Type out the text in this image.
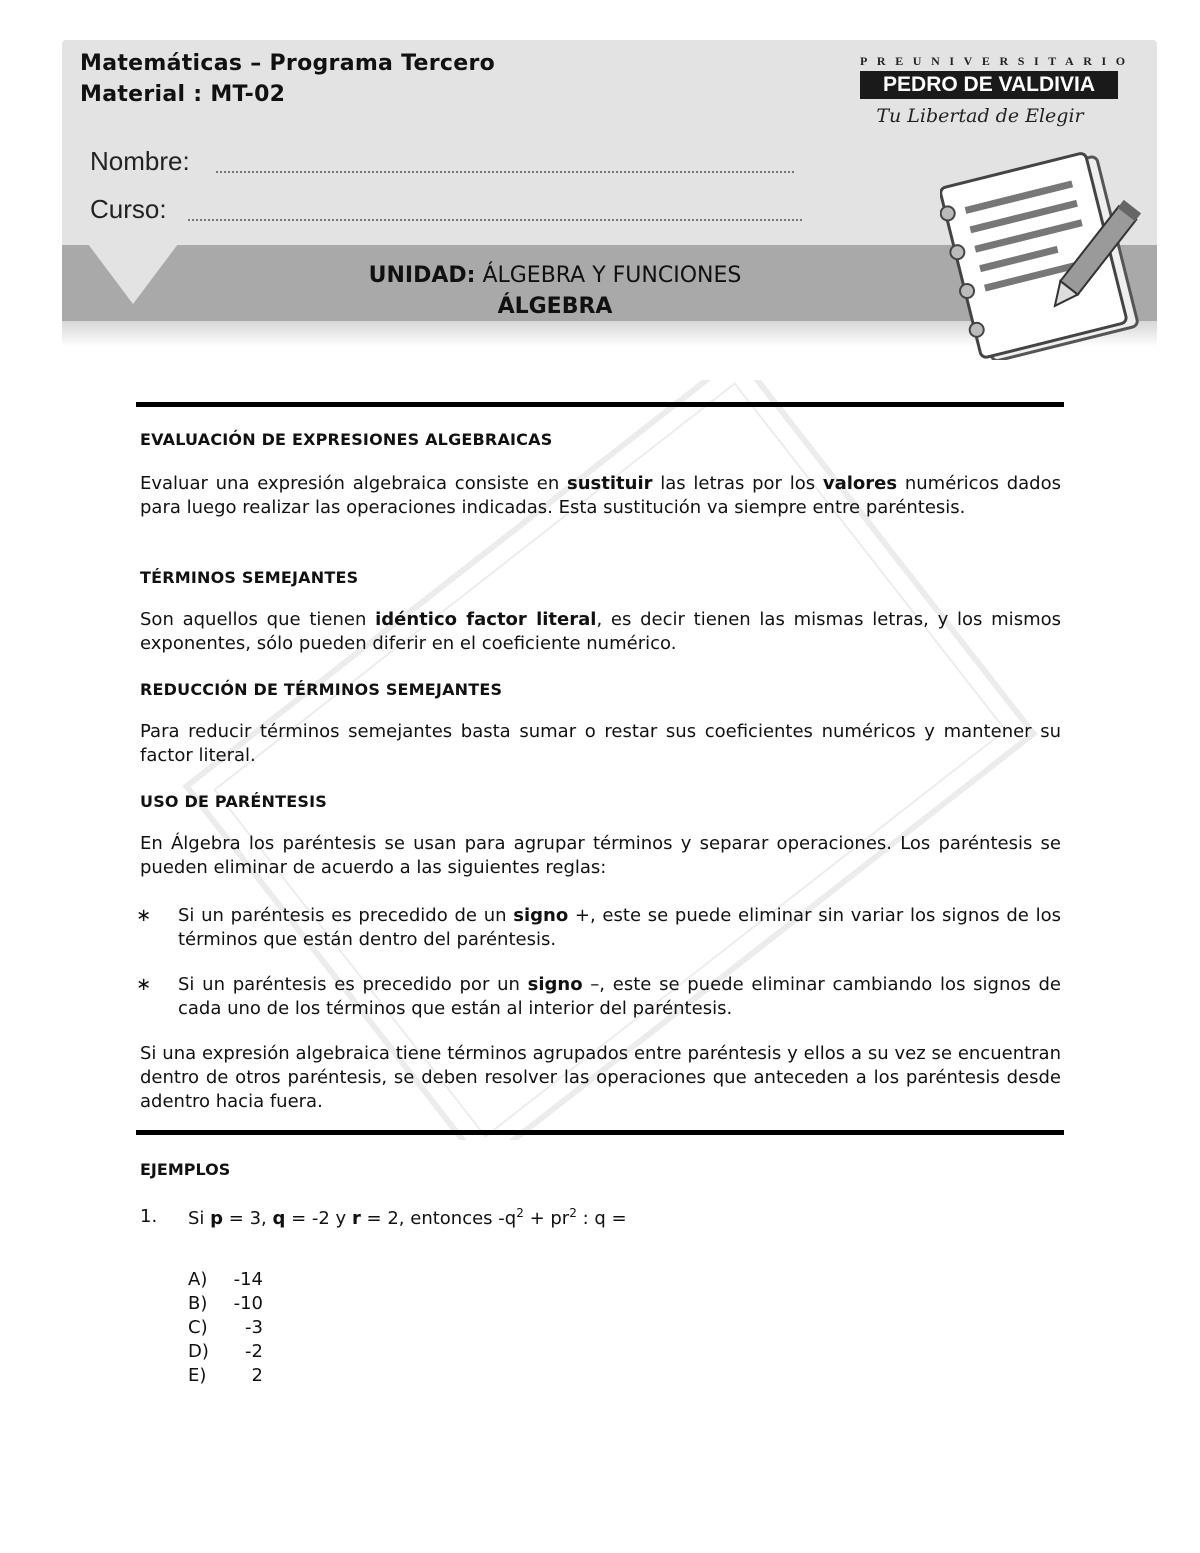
Matemáticas – Programa Tercero
Material : MT-02
Nombre:
Curso:
UNIDAD: ÁLGEBRA Y FUNCIONES
ÁLGEBRA
PREUNIVERSITARIO
PEDRO DE VALDIVIA
Tu Libertad de Elegir
EVALUACIÓN DE EXPRESIONES ALGEBRAICAS

Evaluar una expresión algebraica consiste en sustituir las letras por los valores numéricos dados para luego realizar las operaciones indicadas. Esta sustitución va siempre entre paréntesis.

TÉRMINOS SEMEJANTES

Son aquellos que tienen idéntico factor literal, es decir tienen las mismas letras, y los mismos exponentes, sólo pueden diferir en el coeficiente numérico.

REDUCCIÓN DE TÉRMINOS SEMEJANTES

Para reducir términos semejantes basta sumar o restar sus coeficientes numéricos y mantener su factor literal.

USO DE PARÉNTESIS

En Álgebra los paréntesis se usan para agrupar términos y separar operaciones. Los paréntesis se pueden eliminar de acuerdo a las siguientes reglas:

∗ Si un paréntesis es precedido de un signo +, este se puede eliminar sin variar los signos de los términos que están dentro del paréntesis.

∗ Si un paréntesis es precedido por un signo –, este se puede eliminar cambiando los signos de cada uno de los términos que están al interior del paréntesis.

Si una expresión algebraica tiene términos agrupados entre paréntesis y ellos a su vez se encuentran dentro de otros paréntesis, se deben resolver las operaciones que anteceden a los paréntesis desde adentro hacia fuera.

EJEMPLOS
1. Si p = 3, q = -2 y r = 2, entonces $-q^2 + pr^2$ : q =
A) -14
B) -10
C) -3
D) -2
E)	2
